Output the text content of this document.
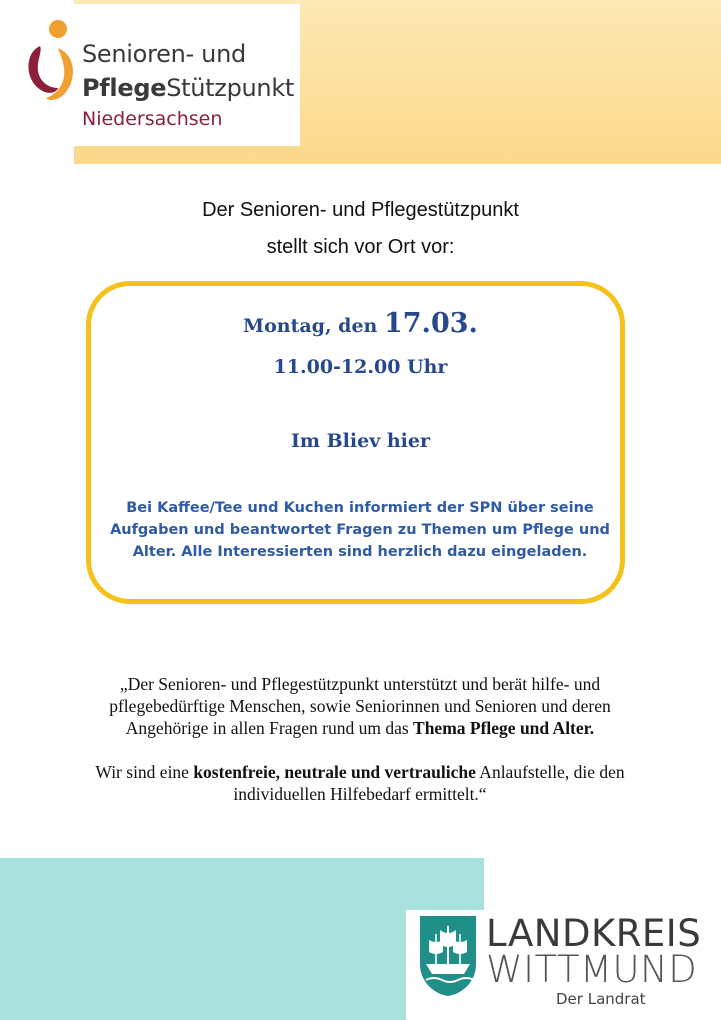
Senioren- und
PflegeStützpunkt
Niedersachsen
Der Senioren- und Pflegestützpunkt
stellt sich vor Ort vor:
Montag, den 17.03.
11.00-12.00 Uhr
Im Bliev hier
Bei Kaffee/Tee und Kuchen informiert der SPN über seine Aufgaben und beantwortet Fragen zu Themen um Pflege und Alter. Alle Interessierten sind herzlich dazu eingeladen.

„Der Senioren- und Pflegestützpunkt unterstützt und berät hilfe- und pflegebedürftige Menschen, sowie Seniorinnen und Senioren und deren Angehörige in allen Fragen rund um das Thema Pflege und Alter.

Wir sind eine kostenfreie, neutrale und vertrauliche Anlaufstelle, die den individuellen Hilfebedarf ermittelt.“

LANDKREIS
WITTMUND
Der Landrat
